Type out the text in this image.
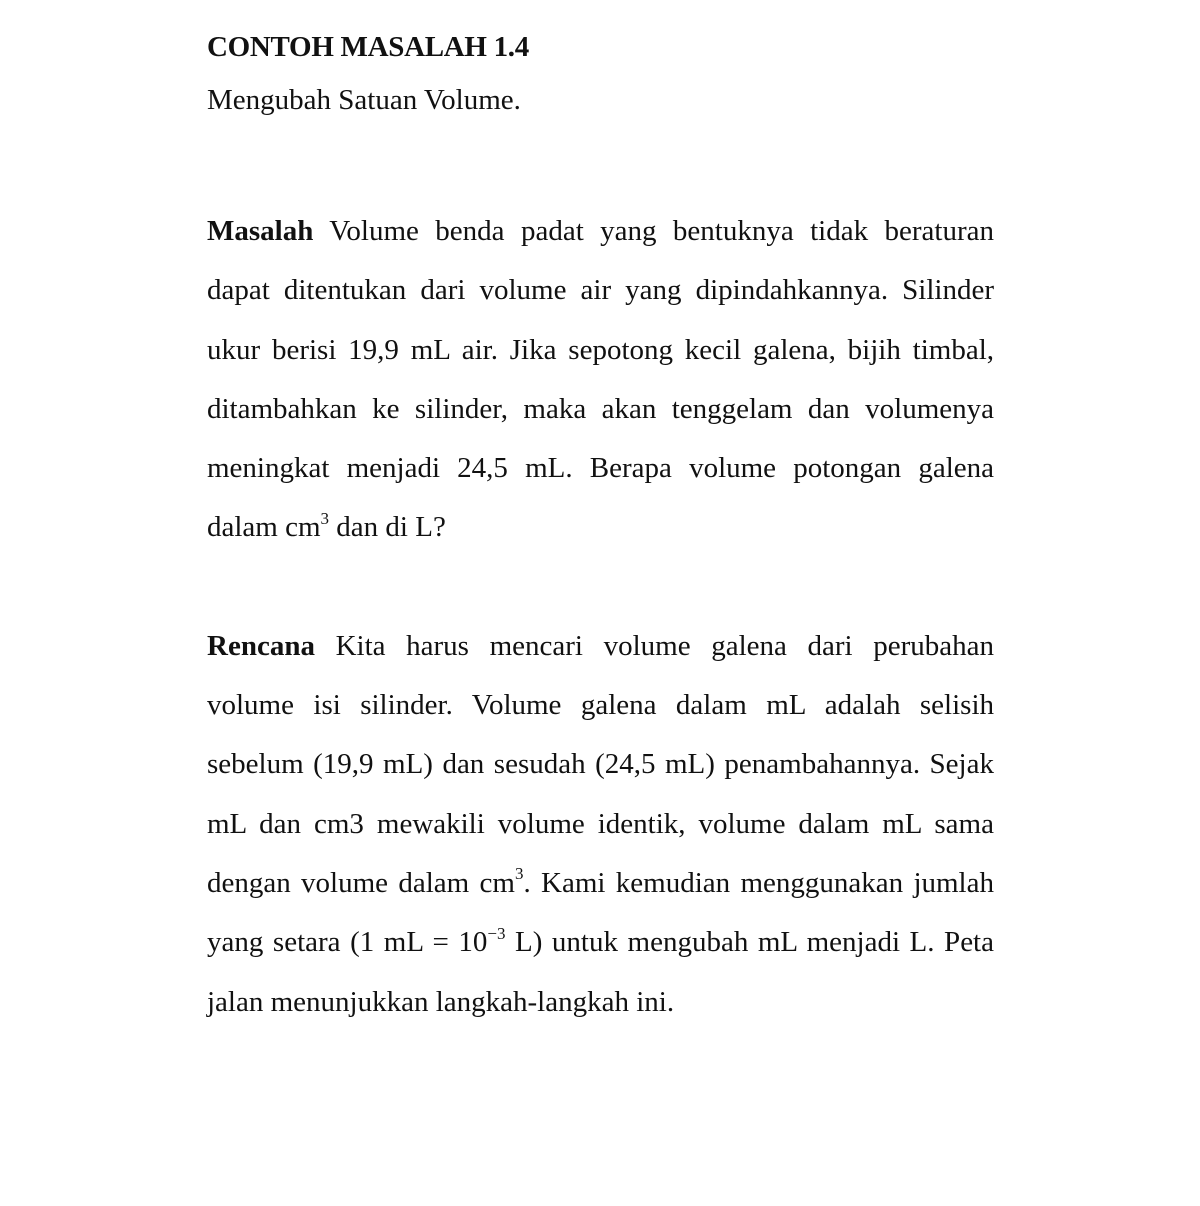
CONTOH MASALAH 1.4

Mengubah Satuan Volume.

Masalah Volume benda padat yang bentuknya tidak beraturan dapat ditentukan dari volume air yang dipindahkannya. Silinder ukur berisi 19,9 mL air. Jika sepotong kecil galena, bijih timbal, ditambahkan ke silinder, maka akan tenggelam dan volumenya meningkat menjadi 24,5 mL. Berapa volume potongan galena dalam $cm^3$ dan di L?

Rencana Kita harus mencari volume galena dari perubahan volume isi silinder. Volume galena dalam mL adalah selisih sebelum (19,9 mL) dan sesudah (24,5 mL) penambahannya. Sejak mL dan cm3 mewakili volume identik, volume dalam mL sama dengan volume dalam $cm^3$. Kami kemudian menggunakan jumlah yang setara (1 mL = $10^{-3}$ L) untuk mengubah mL menjadi L. Peta jalan menunjukkan langkah-langkah ini.
